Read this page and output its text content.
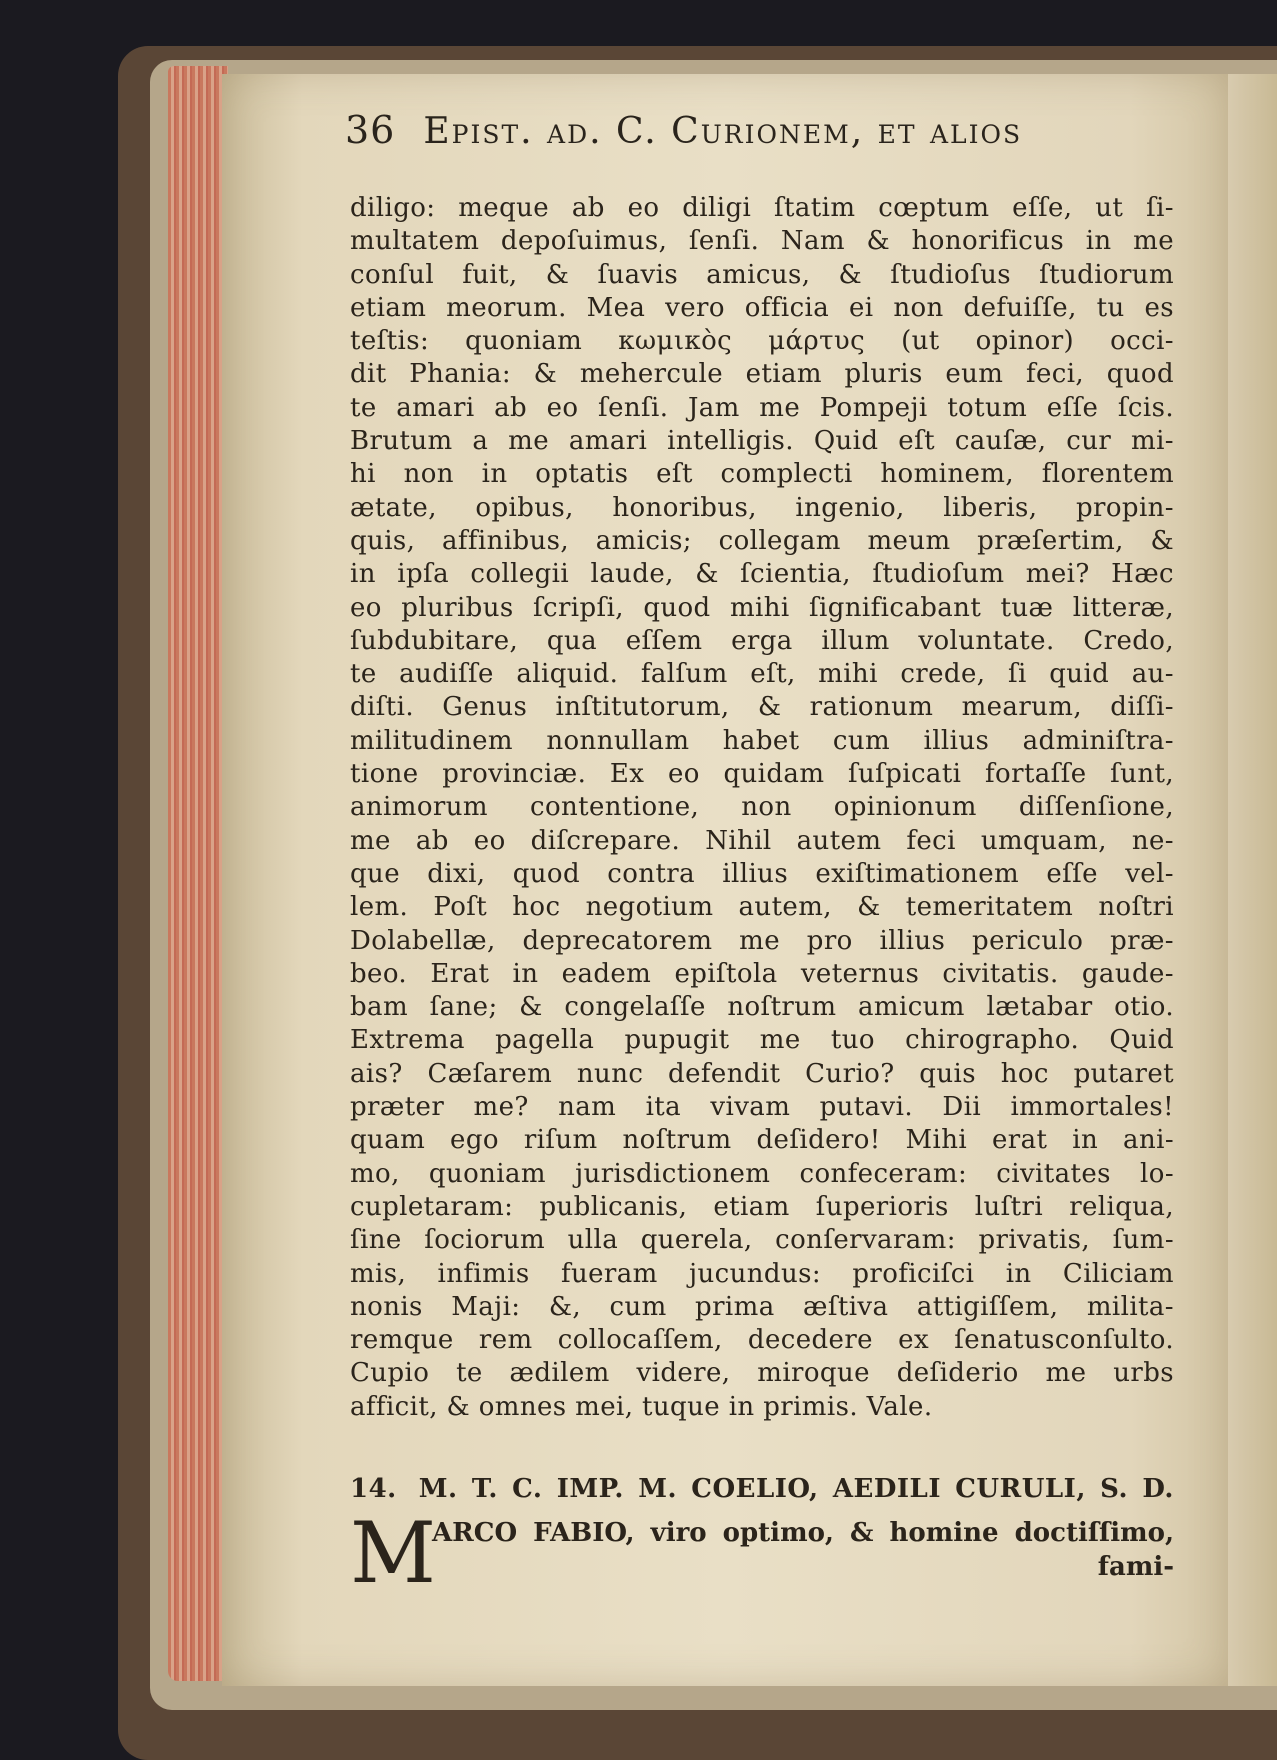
36 Epist. ad. C. Curionem, et alios
diligo: meque ab eo diligi ſtatim cœptum eſſe, ut ſi-
multatem depoſuimus, ſenſi. Nam & honorificus in me
conſul fuit, & ſuavis amicus, & ſtudioſus ſtudiorum
etiam meorum. Mea vero officia ei non defuiſſe, tu es
teſtis: quoniam κωμικὸς μάρτυς (ut opinor) occi-
dit Phania: & mehercule etiam pluris eum feci, quod
te amari ab eo ſenſi. Jam me Pompeji totum eſſe ſcis.
Brutum a me amari intelligis. Quid eſt cauſæ, cur mi-
hi non in optatis eſt complecti hominem, florentem
ætate, opibus, honoribus, ingenio, liberis, propin-
quis, affinibus, amicis; collegam meum præſertim, &
in ipſa collegii laude, & ſcientia, ſtudioſum mei? Hæc
eo pluribus ſcripſi, quod mihi ſignificabant tuæ litteræ,
ſubdubitare, qua eſſem erga illum voluntate. Credo,
te audiſſe aliquid. falſum eſt, mihi crede, ſi quid au-
diſti. Genus inſtitutorum, & rationum mearum, diſſi-
militudinem nonnullam habet cum illius adminiſtra-
tione provinciæ. Ex eo quidam ſuſpicati fortaſſe ſunt,
animorum contentione, non opinionum diſſenſione,
me ab eo diſcrepare. Nihil autem feci umquam, ne-
que dixi, quod contra illius exiſtimationem eſſe vel-
lem. Poſt hoc negotium autem, & temeritatem noſtri
Dolabellæ, deprecatorem me pro illius periculo præ-
beo. Erat in eadem epiſtola veternus civitatis. gaude-
bam ſane; & congelaſſe noſtrum amicum lætabar otio.
Extrema pagella pupugit me tuo chirographo. Quid
ais? Cæſarem nunc defendit Curio? quis hoc putaret
præter me? nam ita vivam putavi. Dii immortales!
quam ego riſum noſtrum deſidero! Mihi erat in ani-
mo, quoniam jurisdictionem confeceram: civitates lo-
cupletaram: publicanis, etiam ſuperioris luſtri reliqua,
ſine ſociorum ulla querela, conſervaram: privatis, ſum-
mis, infimis fueram jucundus: proficiſci in Ciliciam
nonis Maji: &, cum prima æſtiva attigiſſem, milita-
remque rem collocaſſem, decedere ex ſenatusconſulto.
Cupio te ædilem videre, miroque deſiderio me urbs
afficit, & omnes mei, tuque in primis. Vale.
14. M. T. C. IMP. M. COELIO, AEDILI CURULI, S. D.
M
ARCO FABIO, viro optimo, & homine doctiſſimo,
fami-
